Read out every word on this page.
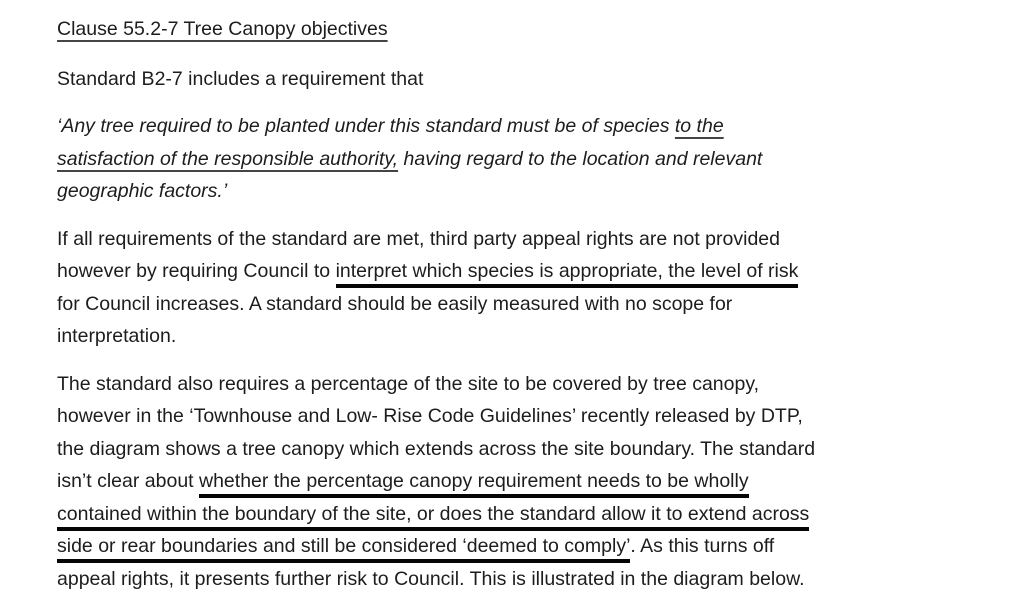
Clause 55.2-7 Tree Canopy objectives
Standard B2-7 includes a requirement that
‘Any tree required to be planted under this standard must be of species to the
satisfaction of the responsible authority, having regard to the location and relevant
geographic factors.’
If all requirements of the standard are met, third party appeal rights are not provided
however by requiring Council to interpret which species is appropriate, the level of risk
for Council increases. A standard should be easily measured with no scope for
interpretation.
The standard also requires a percentage of the site to be covered by tree canopy,
however in the ‘Townhouse and Low- Rise Code Guidelines’ recently released by DTP,
the diagram shows a tree canopy which extends across the site boundary. The standard
isn’t clear about whether the percentage canopy requirement needs to be wholly
contained within the boundary of the site, or does the standard allow it to extend across
side or rear boundaries and still be considered ‘deemed to comply’. As this turns off
appeal rights, it presents further risk to Council. This is illustrated in the diagram below.
